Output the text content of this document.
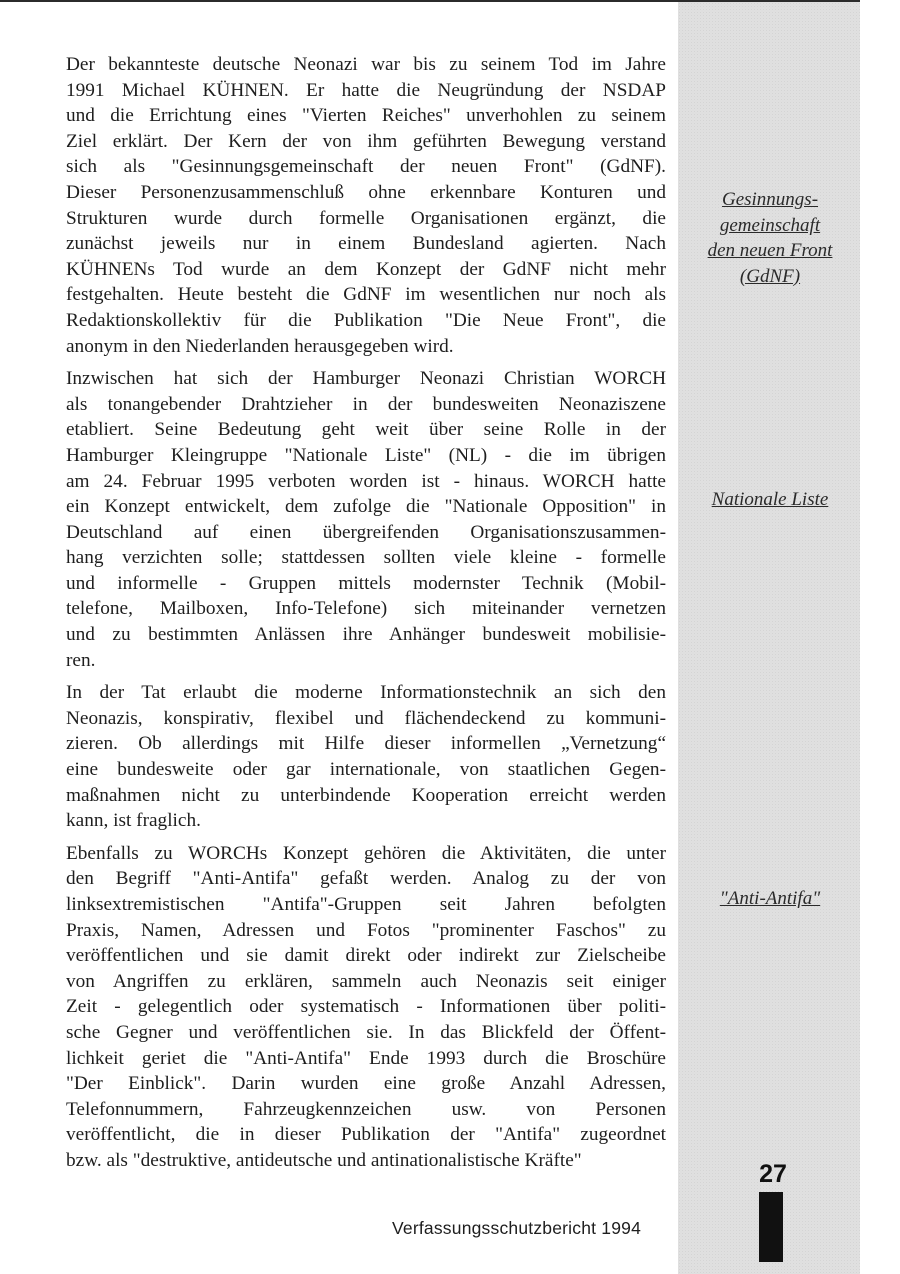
Der bekannteste deutsche Neonazi war bis zu seinem Tod im Jahre
1991 Michael KÜHNEN. Er hatte die Neugründung der NSDAP
und die Errichtung eines "Vierten Reiches" unverhohlen zu seinem
Ziel erklärt. Der Kern der von ihm geführten Bewegung verstand
sich als "Gesinnungsgemeinschaft der neuen Front" (GdNF).
Dieser Personenzusammenschluß ohne erkennbare Konturen und
Strukturen wurde durch formelle Organisationen ergänzt, die
zunächst jeweils nur in einem Bundesland agierten. Nach
KÜHNENs Tod wurde an dem Konzept der GdNF nicht mehr
festgehalten. Heute besteht die GdNF im wesentlichen nur noch als
Redaktionskollektiv für die Publikation "Die Neue Front", die
anonym in den Niederlanden herausgegeben wird.

Inzwischen hat sich der Hamburger Neonazi Christian WORCH
als tonangebender Drahtzieher in der bundesweiten Neonaziszene
etabliert. Seine Bedeutung geht weit über seine Rolle in der
Hamburger Kleingruppe "Nationale Liste" (NL) - die im übrigen
am 24. Februar 1995 verboten worden ist - hinaus. WORCH hatte
ein Konzept entwickelt, dem zufolge die "Nationale Opposition" in
Deutschland auf einen übergreifenden Organisationszusammen-
hang verzichten solle; stattdessen sollten viele kleine - formelle
und informelle - Gruppen mittels modernster Technik (Mobil-
telefone, Mailboxen, Info-Telefone) sich miteinander vernetzen
und zu bestimmten Anlässen ihre Anhänger bundesweit mobilisie-
ren.

In der Tat erlaubt die moderne Informationstechnik an sich den
Neonazis, konspirativ, flexibel und flächendeckend zu kommuni-
zieren. Ob allerdings mit Hilfe dieser informellen „Vernetzung“
eine bundesweite oder gar internationale, von staatlichen Gegen-
maßnahmen nicht zu unterbindende Kooperation erreicht werden
kann, ist fraglich.

Ebenfalls zu WORCHs Konzept gehören die Aktivitäten, die unter
den Begriff "Anti-Antifa" gefaßt werden. Analog zu der von
linksextremistischen "Antifa"-Gruppen seit Jahren befolgten
Praxis, Namen, Adressen und Fotos "prominenter Faschos" zu
veröffentlichen und sie damit direkt oder indirekt zur Zielscheibe
von Angriffen zu erklären, sammeln auch Neonazis seit einiger
Zeit - gelegentlich oder systematisch - Informationen über politi-
sche Gegner und veröffentlichen sie. In das Blickfeld der Öffent-
lichkeit geriet die "Anti-Antifa" Ende 1993 durch die Broschüre
"Der Einblick". Darin wurden eine große Anzahl Adressen,
Telefonnummern, Fahrzeugkennzeichen usw. von Personen
veröffentlicht, die in dieser Publikation der "Antifa" zugeordnet
bzw. als "destruktive, antideutsche und antinationalistische Kräfte"

Gesinnungs-
gemeinschaft
den neuen Front
(GdNF)
Nationale Liste
"Anti-Antifa"
27
Verfassungsschutzbericht 1994
